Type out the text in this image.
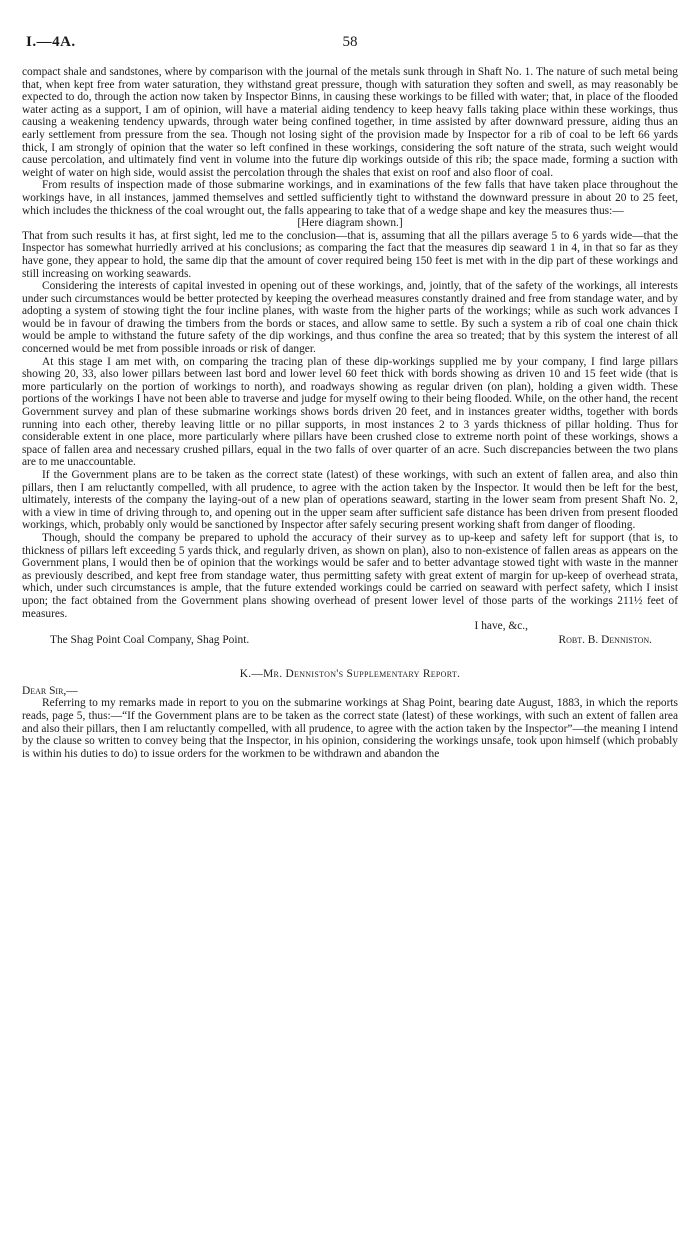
I.—4A.	58

compact shale and sandstones, where by comparison with the journal of the metals sunk through in Shaft No. 1. The nature of such metal being that, when kept free from water saturation, they withstand great pressure, though with saturation they soften and swell, as may reasonably be expected to do, through the action now taken by Inspector Binns, in causing these workings to be filled with water; that, in place of the flooded water acting as a support, I am of opinion, will have a material aiding tendency to keep heavy falls taking place within these workings, thus causing a weakening tendency upwards, through water being confined together, in time assisted by after downward pressure, aiding thus an early settlement from pressure from the sea. Though not losing sight of the provision made by Inspector for a rib of coal to be left 66 yards thick, I am strongly of opinion that the water so left confined in these workings, considering the soft nature of the strata, such weight would cause percolation, and ultimately find vent in volume into the future dip workings outside of this rib; the space made, forming a suction with weight of water on high side, would assist the percolation through the shales that exist on roof and also floor of coal.

From results of inspection made of those submarine workings, and in examinations of the few falls that have taken place throughout the workings have, in all instances, jammed themselves and settled sufficiently tight to withstand the downward pressure in about 20 to 25 feet, which includes the thickness of the coal wrought out, the falls appearing to take that of a wedge shape and key the measures thus:—

[Here diagram shown.]

That from such results it has, at first sight, led me to the conclusion—that is, assuming that all the pillars average 5 to 6 yards wide—that the Inspector has somewhat hurriedly arrived at his conclusions; as comparing the fact that the measures dip seaward 1 in 4, in that so far as they have gone, they appear to hold, the same dip that the amount of cover required being 150 feet is met with in the dip part of these workings and still increasing on working seawards.

Considering the interests of capital invested in opening out of these workings, and, jointly, that of the safety of the workings, all interests under such circumstances would be better protected by keeping the overhead measures constantly drained and free from standage water, and by adopting a system of stowing tight the four incline planes, with waste from the higher parts of the workings; while as such work advances I would be in favour of drawing the timbers from the bords or staces, and allow same to settle. By such a system a rib of coal one chain thick would be ample to withstand the future safety of the dip workings, and thus confine the area so treated; that by this system the interest of all concerned would be met from possible inroads or risk of danger.

At this stage I am met with, on comparing the tracing plan of these dip-workings supplied me by your company, I find large pillars showing 20, 33, also lower pillars between last bord and lower level 60 feet thick with bords showing as driven 10 and 15 feet wide (that is more particularly on the portion of workings to north), and roadways showing as regular driven (on plan), holding a given width. These portions of the workings I have not been able to traverse and judge for myself owing to their being flooded. While, on the other hand, the recent Government survey and plan of these submarine workings shows bords driven 20 feet, and in instances greater widths, together with bords running into each other, thereby leaving little or no pillar supports, in most instances 2 to 3 yards thickness of pillar holding. Thus for considerable extent in one place, more particularly where pillars have been crushed close to extreme north point of these workings, shows a space of fallen area and necessary crushed pillars, equal in the two falls of over quarter of an acre. Such discrepancies between the two plans are to me unaccountable.

If the Government plans are to be taken as the correct state (latest) of these workings, with such an extent of fallen area, and also thin pillars, then I am reluctantly compelled, with all prudence, to agree with the action taken by the Inspector. It would then be left for the best, ultimately, interests of the company the laying-out of a new plan of operations seaward, starting in the lower seam from present Shaft No. 2, with a view in time of driving through to, and opening out in the upper seam after sufficient safe distance has been driven from present flooded workings, which, probably only would be sanctioned by Inspector after safely securing present working shaft from danger of flooding.

Though, should the company be prepared to uphold the accuracy of their survey as to up-keep and safety left for support (that is, to thickness of pillars left exceeding 5 yards thick, and regularly driven, as shown on plan), also to non-existence of fallen areas as appears on the Government plans, I would then be of opinion that the workings would be safer and to better advantage stowed tight with waste in the manner as previously described, and kept free from standage water, thus permitting safety with great extent of margin for up-keep of overhead strata, which, under such circumstances is ample, that the future extended workings could be carried on seaward with perfect safety, which I insist upon; the fact obtained from the Government plans showing overhead of present lower level of those parts of the workings 211½ feet of measures.

I have, &c.,
The Shag Point Coal Company, Shag Point.	Robt. B. Denniston.
K.—Mr. Denniston's Supplementary Report.

Dear Sir,—

Referring to my remarks made in report to you on the submarine workings at Shag Point, bearing date August, 1883, in which the reports reads, page 5, thus:—“If the Government plans are to be taken as the correct state (latest) of these workings, with such an extent of fallen area and also their pillars, then I am reluctantly compelled, with all prudence, to agree with the action taken by the Inspector”—the meaning I intend by the clause so written to convey being that the Inspector, in his opinion, considering the workings unsafe, took upon himself (which probably is within his duties to do) to issue orders for the workmen to be withdrawn and abandon the
